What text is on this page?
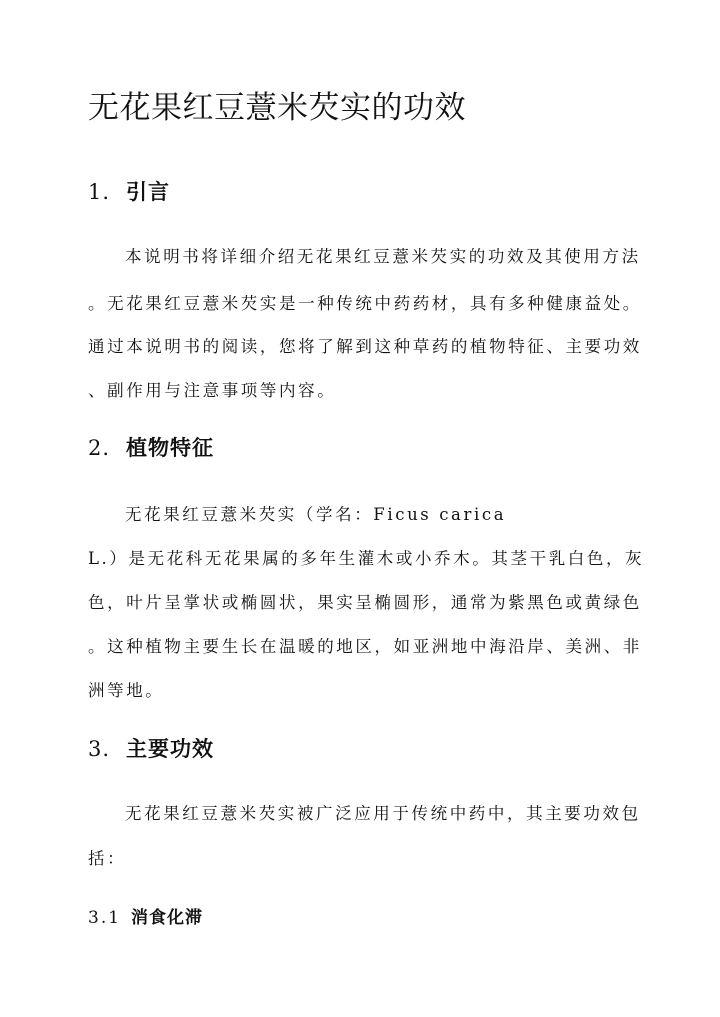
无花果红豆薏米芡实的功效
1. 引言

本说明书将详细介绍无花果红豆薏米芡实的功效及其使用方法

。无花果红豆薏米芡实是一种传统中药药材，具有多种健康益处。

通过本说明书的阅读，您将了解到这种草药的植物特征、主要功效

、副作用与注意事项等内容。

2. 植物特征

无花果红豆薏米芡实（学名：Ficus carica

L.）是无花科无花果属的多年生灌木或小乔木。其茎干乳白色，灰

色，叶片呈掌状或椭圆状，果实呈椭圆形，通常为紫黑色或黄绿色

。这种植物主要生长在温暖的地区，如亚洲地中海沿岸、美洲、非

洲等地。

3. 主要功效

无花果红豆薏米芡实被广泛应用于传统中药中，其主要功效包

括：

3.1 消食化滞
